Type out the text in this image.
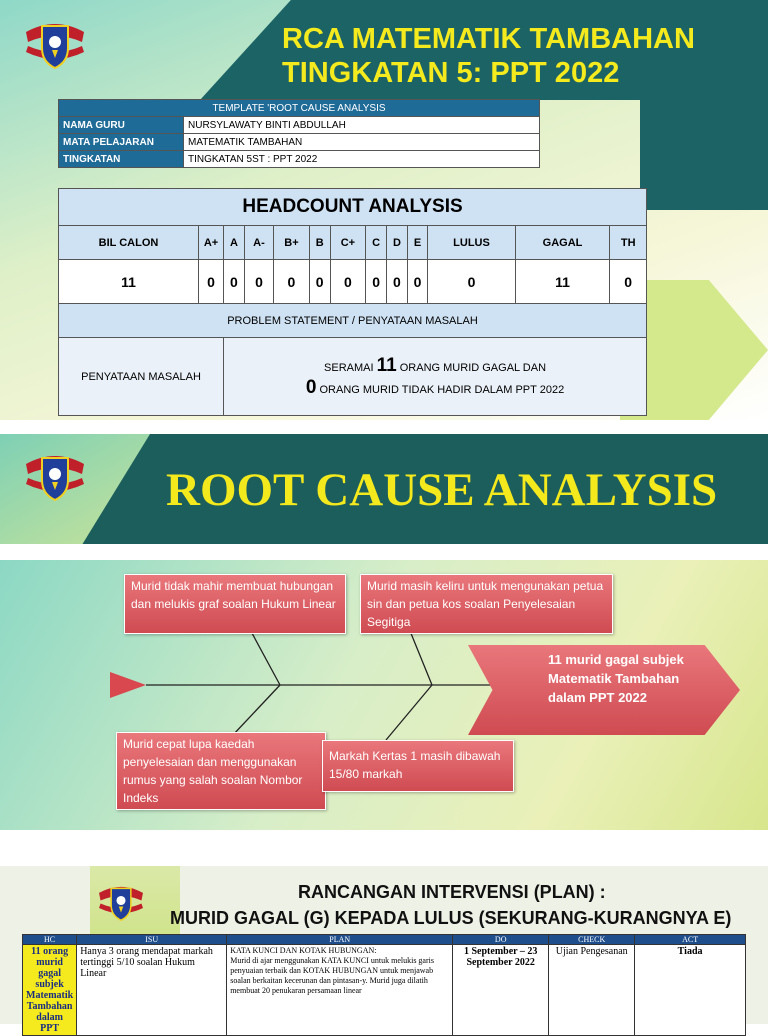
RCA MATEMATIK TAMBAHAN
TINGKATAN 5: PPT 2022
TEMPLATE 'ROOT CAUSE ANALYSIS	
NAMA GURU	NURSYLAWATY BINTI ABDULLAH
MATA PELAJARAN	MATEMATIK TAMBAHAN
TINGKATAN	TINGKATAN 5ST : PPT 2022
HEADCOUNT ANALYSIS												
BIL CALON	A+	A	A-	B+	B	C+	C	D	E	LULUS	GAGAL	TH
11	0	0	0	0	0	0	0	0	0	0	11	0
PROBLEM STATEMENT / PENYATAAN MASALAH												
PENYATAAN MASALAH		SERAMAI 11 ORANG MURID GAGAL DAN
0 ORANG MURID TIDAK HADIR DALAM PPT 2022										
ROOT CAUSE ANALYSIS
Murid tidak mahir membuat hubungan dan melukis graf soalan Hukum Linear
Murid masih keliru untuk mengunakan petua sin dan petua kos soalan Penyelesaian Segitiga
Murid cepat lupa kaedah penyelesaian dan menggunakan rumus yang salah soalan Nombor Indeks
Markah Kertas 1 masih dibawah 15/80 markah
11 murid gagal subjek Matematik Tambahan dalam PPT 2022
RANCANGAN INTERVENSI (PLAN) :
MURID GAGAL (G) KEPADA LULUS (SEKURANG-KURANGNYA E)
HC	ISU	PLAN	DO	CHECK	ACT
11 orang murid gagal subjek Matematik Tambahan dalam PPT	Hanya 3 orang mendapat markah tertinggi 5/10 soalan Hukum Linear	KATA KUNCI DAN KOTAK HUBUNGAN:
Murid di ajar menggunakan KATA KUNCI untuk melukis garis penyuaian terbaik dan KOTAK HUBUNGAN untuk menjawab soalan berkaitan kecerunan dan pintasan-y. Murid juga dilatih membuat 20 penukaran persamaan linear	1 September – 23 September 2022	Ujian Pengesanan	Tiada
